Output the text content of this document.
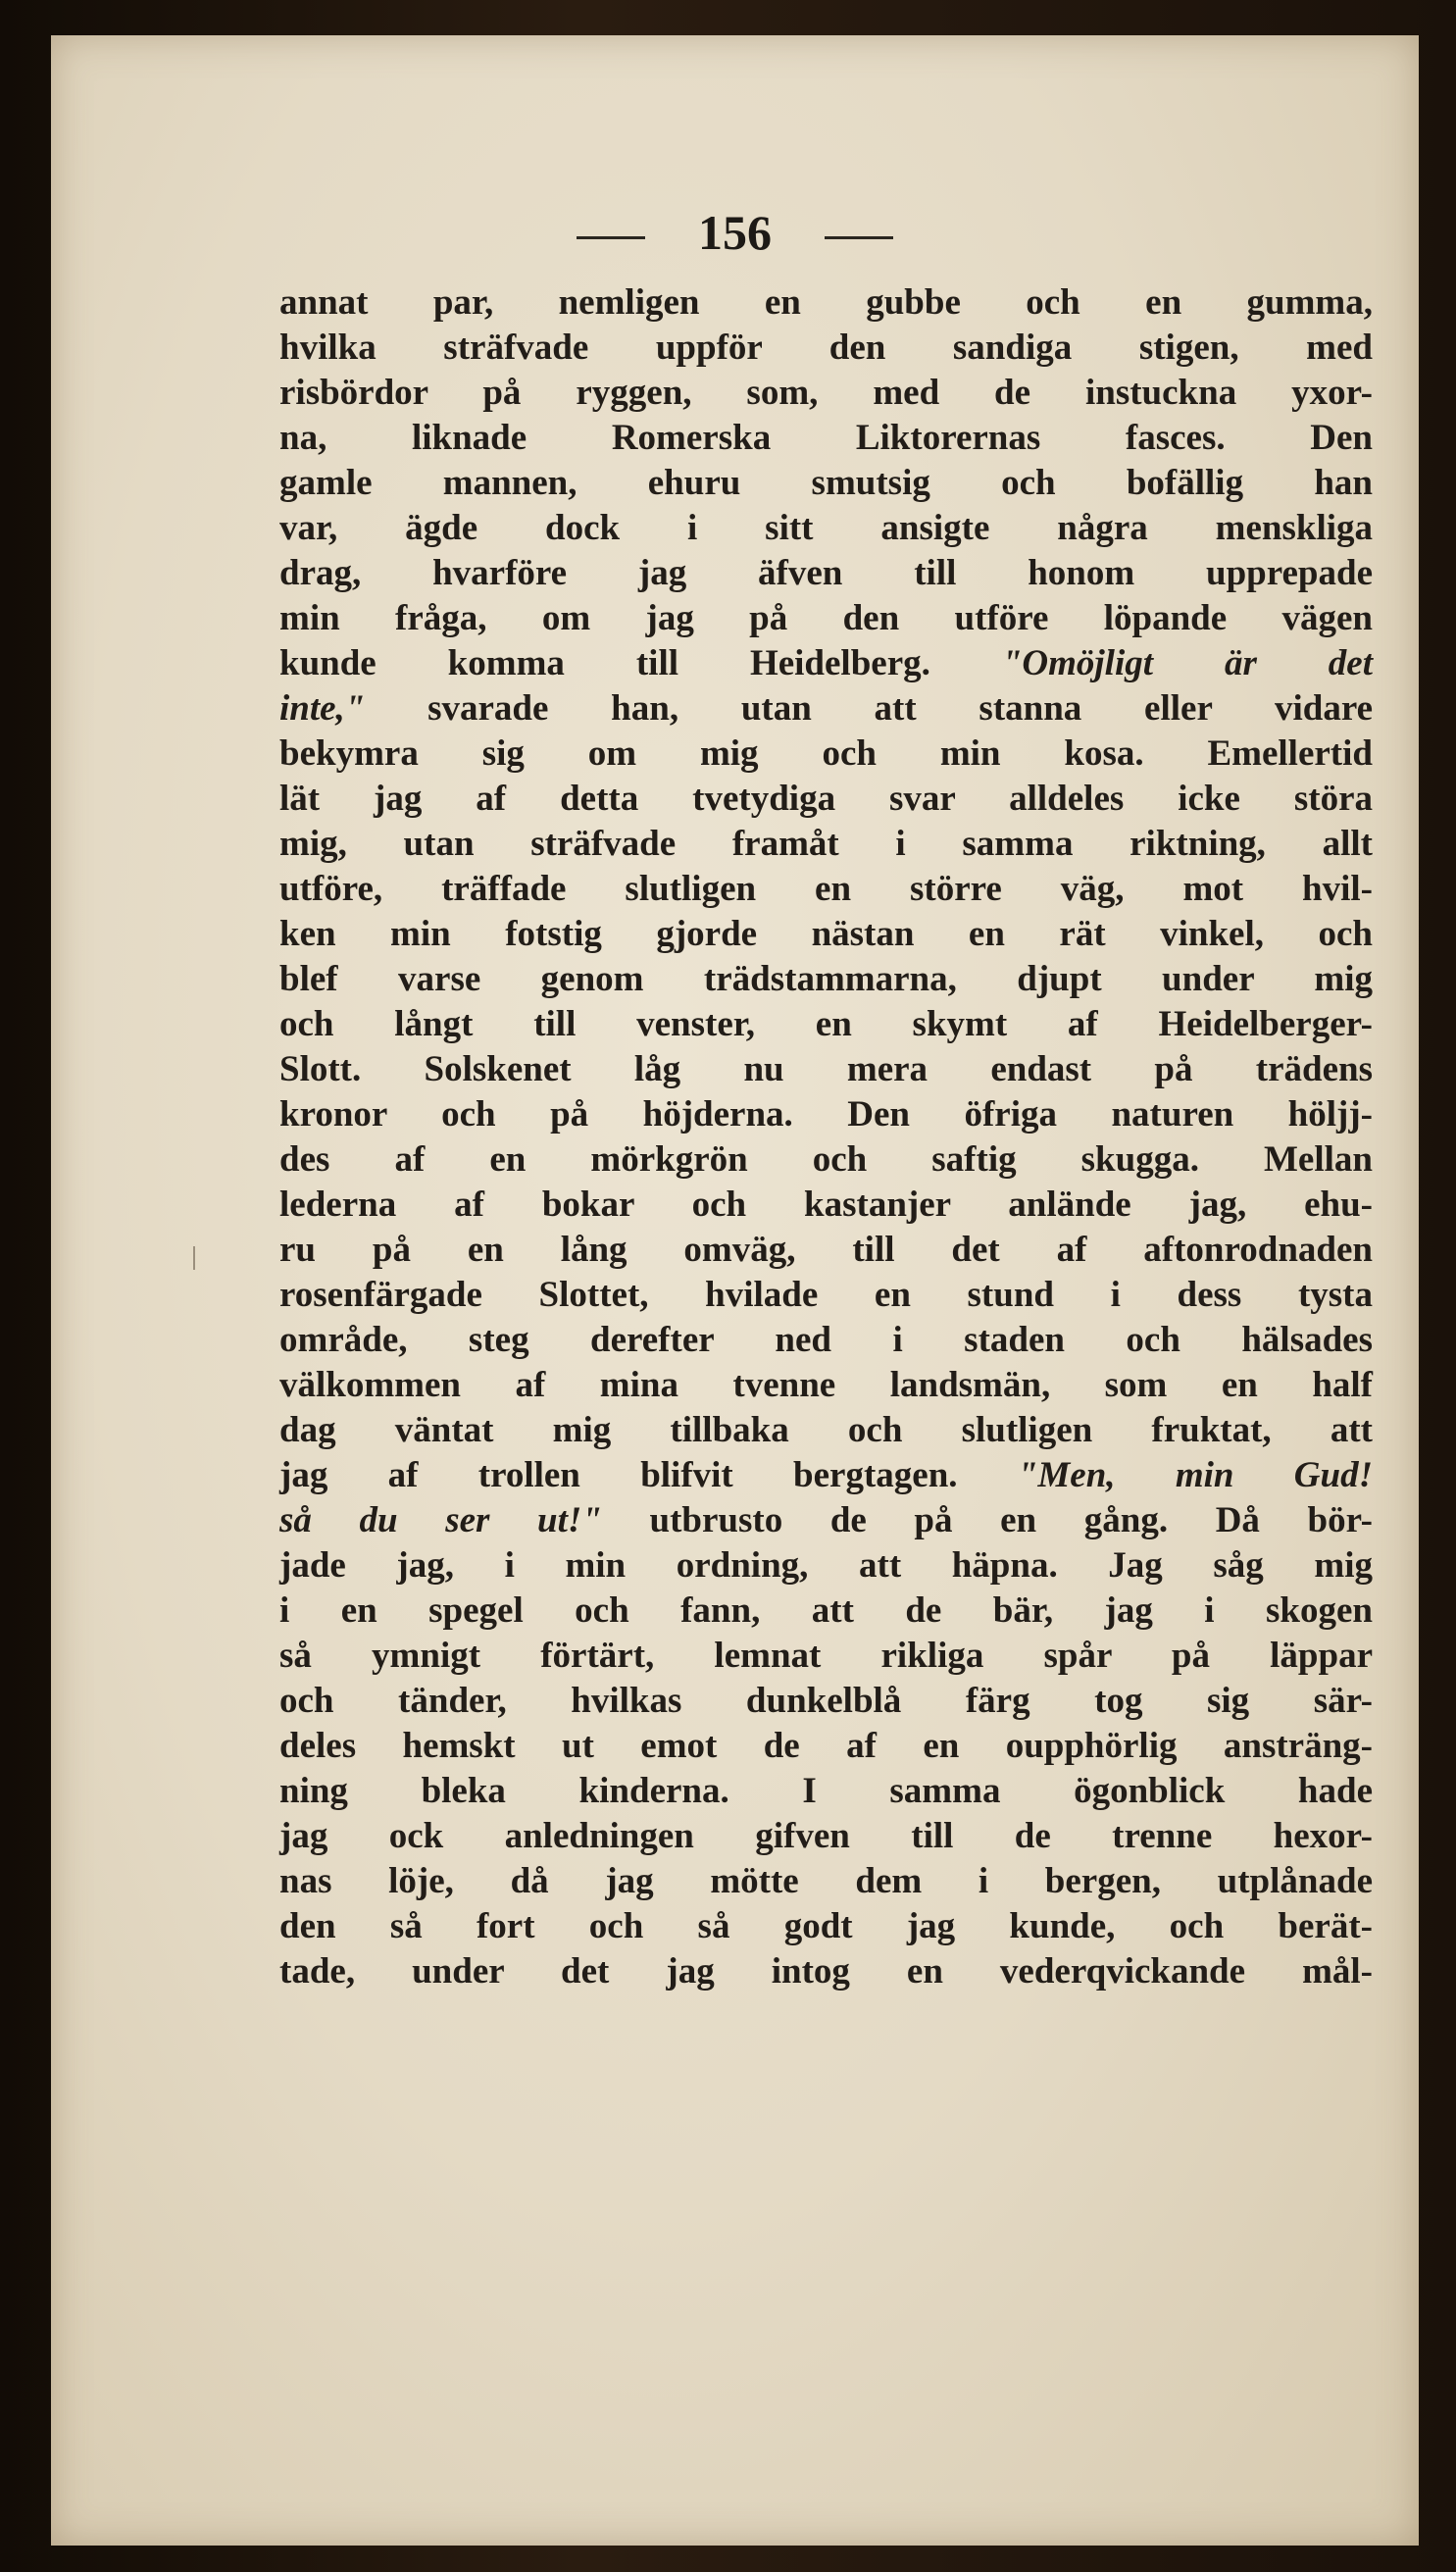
156
annat par, nemligen en gubbe och en gumma,
hvilka sträfvade uppför den sandiga stigen, med
risbördor på ryggen, som, med de instuckna yxor-
na, liknade Romerska Liktorernas fasces. Den
gamle mannen, ehuru smutsig och bofällig han
var, ägde dock i sitt ansigte några menskliga
drag, hvarföre jag äfven till honom upprepade
min fråga, om jag på den utföre löpande vägen
kunde komma till Heidelberg. "Omöjligt är det
inte," svarade han, utan att stanna eller vidare
bekymra sig om mig och min kosa. Emellertid
lät jag af detta tvetydiga svar alldeles icke störa
mig, utan sträfvade framåt i samma riktning, allt
utföre, träffade slutligen en större väg, mot hvil-
ken min fotstig gjorde nästan en rät vinkel, och
blef varse genom trädstammarna, djupt under mig
och långt till venster, en skymt af Heidelberger-
Slott. Solskenet låg nu mera endast på trädens
kronor och på höjderna. Den öfriga naturen höljj-
des af en mörkgrön och saftig skugga. Mellan
lederna af bokar och kastanjer anlände jag, ehu-
ru på en lång omväg, till det af aftonrodnaden
rosenfärgade Slottet, hvilade en stund i dess tysta
område, steg derefter ned i staden och hälsades
välkommen af mina tvenne landsmän, som en half
dag väntat mig tillbaka och slutligen fruktat, att
jag af trollen blifvit bergtagen. "Men, min Gud!
så du ser ut!" utbrusto de på en gång. Då bör-
jade jag, i min ordning, att häpna. Jag såg mig
i en spegel och fann, att de bär, jag i skogen
så ymnigt förtärt, lemnat rikliga spår på läppar
och tänder, hvilkas dunkelblå färg tog sig sär-
deles hemskt ut emot de af en oupphörlig ansträng-
ning bleka kinderna. I samma ögonblick hade
jag ock anledningen gifven till de trenne hexor-
nas löje, då jag mötte dem i bergen, utplånade
den så fort och så godt jag kunde, och berät-
tade, under det jag intog en vederqvickande mål-
